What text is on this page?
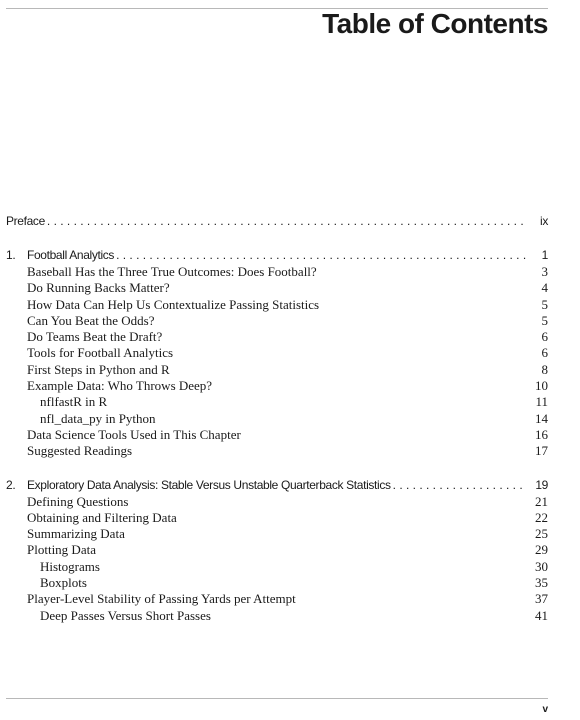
Table of Contents
Preface . . .	ix
1. Football Analytics . . .	1
Baseball Has the Three True Outcomes: Does Football?	3
Do Running Backs Matter?	4
How Data Can Help Us Contextualize Passing Statistics	5
Can You Beat the Odds?	5
Do Teams Beat the Draft?	6
Tools for Football Analytics	6
First Steps in Python and R	8
Example Data: Who Throws Deep?	10
nflfastR in R	11
nfl_data_py in Python	14
Data Science Tools Used in This Chapter	16
Suggested Readings	17
2. Exploratory Data Analysis: Stable Versus Unstable Quarterback Statistics . . .	19
Defining Questions	21
Obtaining and Filtering Data	22
Summarizing Data	25
Plotting Data	29
Histograms	30
Boxplots	35
Player-Level Stability of Passing Yards per Attempt	37
Deep Passes Versus Short Passes	41
v
